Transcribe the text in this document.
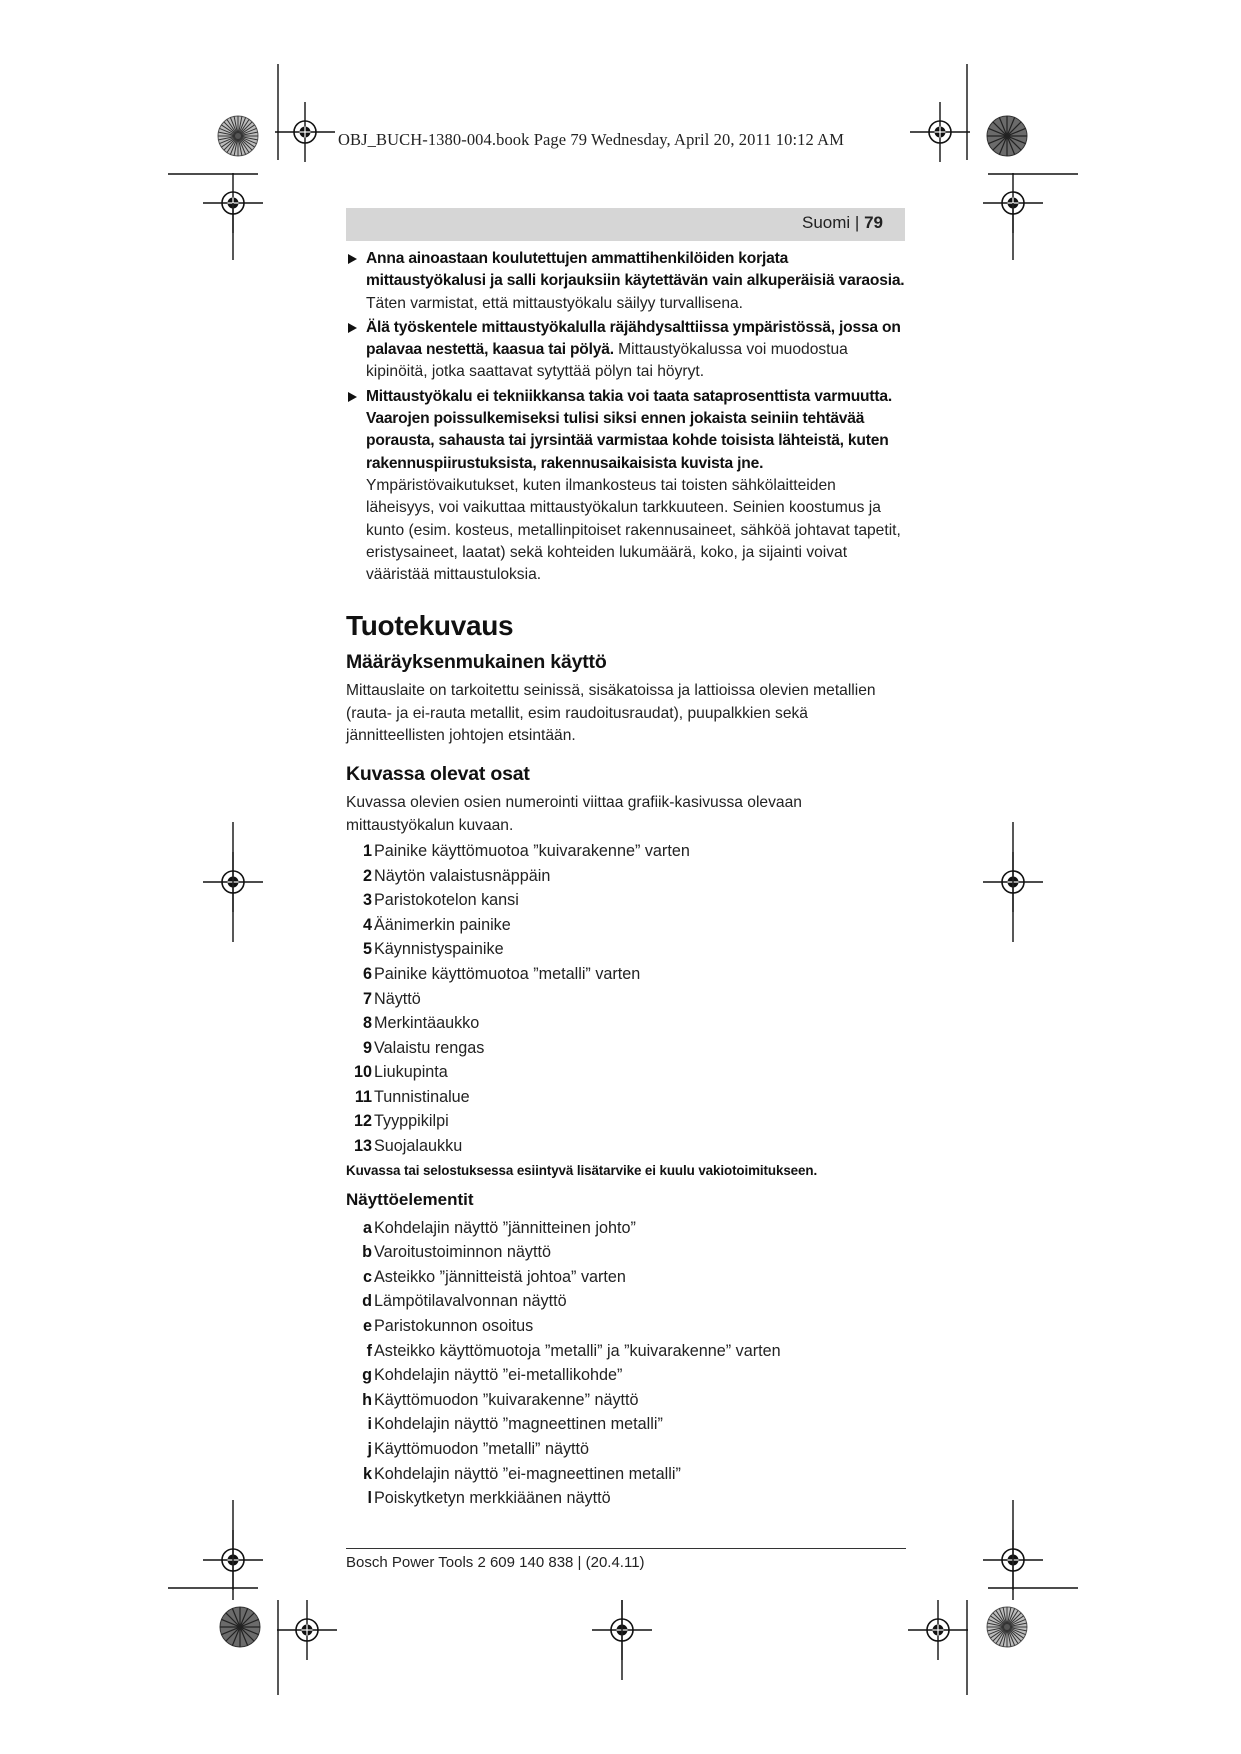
OBJ_BUCH-1380-004.book Page 79 Wednesday, April 20, 2011 10:12 AM
Suomi | 79
Anna ainoastaan koulutettujen ammattihenkilöiden korjata mittaustyökalusi ja salli korjauksiin käytettävän vain alkuperäisiä varaosia. Täten varmistat, että mittaustyökalu säilyy turvallisena.
Älä työskentele mittaustyökalulla räjähdysalttiissa ympäristössä, jossa on palavaa nestettä, kaasua tai pölyä. Mittaustyökalussa voi muodostua kipinöitä, jotka saattavat sytyttää pölyn tai höyryt.
Mittaustyökalu ei tekniikkansa takia voi taata sataprosenttista varmuutta. Vaarojen poissulkemiseksi tulisi siksi ennen jokaista seiniin tehtävää porausta, sahausta tai jyrsintää varmistaa kohde toisista lähteistä, kuten rakennuspiirustuksista, rakennusaikaisista kuvista jne. Ympäristövaikutukset, kuten ilmankosteus tai toisten sähkölaitteiden läheisyys, voi vaikuttaa mittaustyökalun tarkkuuteen. Seinien koostumus ja kunto (esim. kosteus, metallinpitoiset rakennusaineet, sähköä johtavat tapetit, eristysaineet, laatat) sekä kohteiden lukumäärä, koko, ja sijainti voivat vääristää mittaustuloksia.
Tuotekuvaus
Määräyksenmukainen käyttö

Mittauslaite on tarkoitettu seinissä, sisäkatoissa ja lattioissa olevien metallien (rauta- ja ei-rauta metallit, esim raudoitusraudat), puupalkkien sekä jännitteellisten johtojen etsintään.

Kuvassa olevat osat

Kuvassa olevien osien numerointi viittaa grafiik-kasivussa olevaan mittaustyökalun kuvaan.

1 Painike käyttömuotoa ”kuivarakenne” varten
2 Näytön valaistusnäppäin
3 Paristokotelon kansi
4 Äänimerkin painike
5 Käynnistyspainike
6 Painike käyttömuotoa ”metalli” varten
7 Näyttö
8 Merkintäaukko
9 Valaistu rengas
10 Liukupinta
11 Tunnistinalue
12 Tyyppikilpi
13 Suojalaukku
Kuvassa tai selostuksessa esiintyvä lisätarvike ei kuulu vakiotoimitukseen.
Näyttöelementit
a Kohdelajin näyttö ”jännitteinen johto”
b Varoitustoiminnon näyttö
c Asteikko ”jännitteistä johtoa” varten
d Lämpötilavalvonnan näyttö
e Paristokunnon osoitus
f Asteikko käyttömuotoja ”metalli” ja ”kuivarakenne” varten
g Kohdelajin näyttö ”ei-metallikohde”
h Käyttömuodon ”kuivarakenne” näyttö
i Kohdelajin näyttö ”magneettinen metalli”
j Käyttömuodon ”metalli” näyttö
k Kohdelajin näyttö ”ei-magneettinen metalli”
l Poiskytketyn merkkiäänen näyttö
Bosch Power Tools 2 609 140 838 | (20.4.11)
